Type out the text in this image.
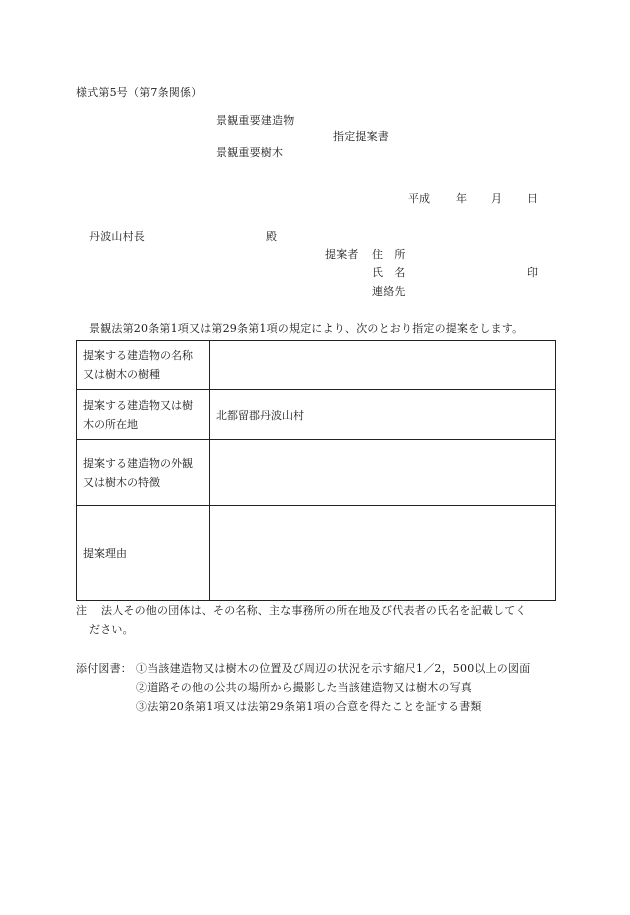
様式第5号（第7条関係）
景観重要建造物
指定提案書
景観重要樹木
平成 年 月 日
丹波山村長	殿
提案者 住　所
氏　名	印
連絡先
景観法第20条第1項又は第29条第1項の規定により、次のとおり指定の提案をします。
提案する建造物の名称又は樹木の樹種	
提案する建造物又は樹木の所在地	北都留郡丹波山村
提案する建造物の外観又は樹木の特徴	
提案理由	
注 法人その他の団体は、その名称、主な事務所の所在地及び代表者の氏名を記載してく
ださい。
添付図書： ①当該建造物又は樹木の位置及び周辺の状況を示す縮尺1／2，500以上の図面
②道路その他の公共の場所から撮影した当該建造物又は樹木の写真
③法第20条第1項又は法第29条第1項の合意を得たことを証する書類
